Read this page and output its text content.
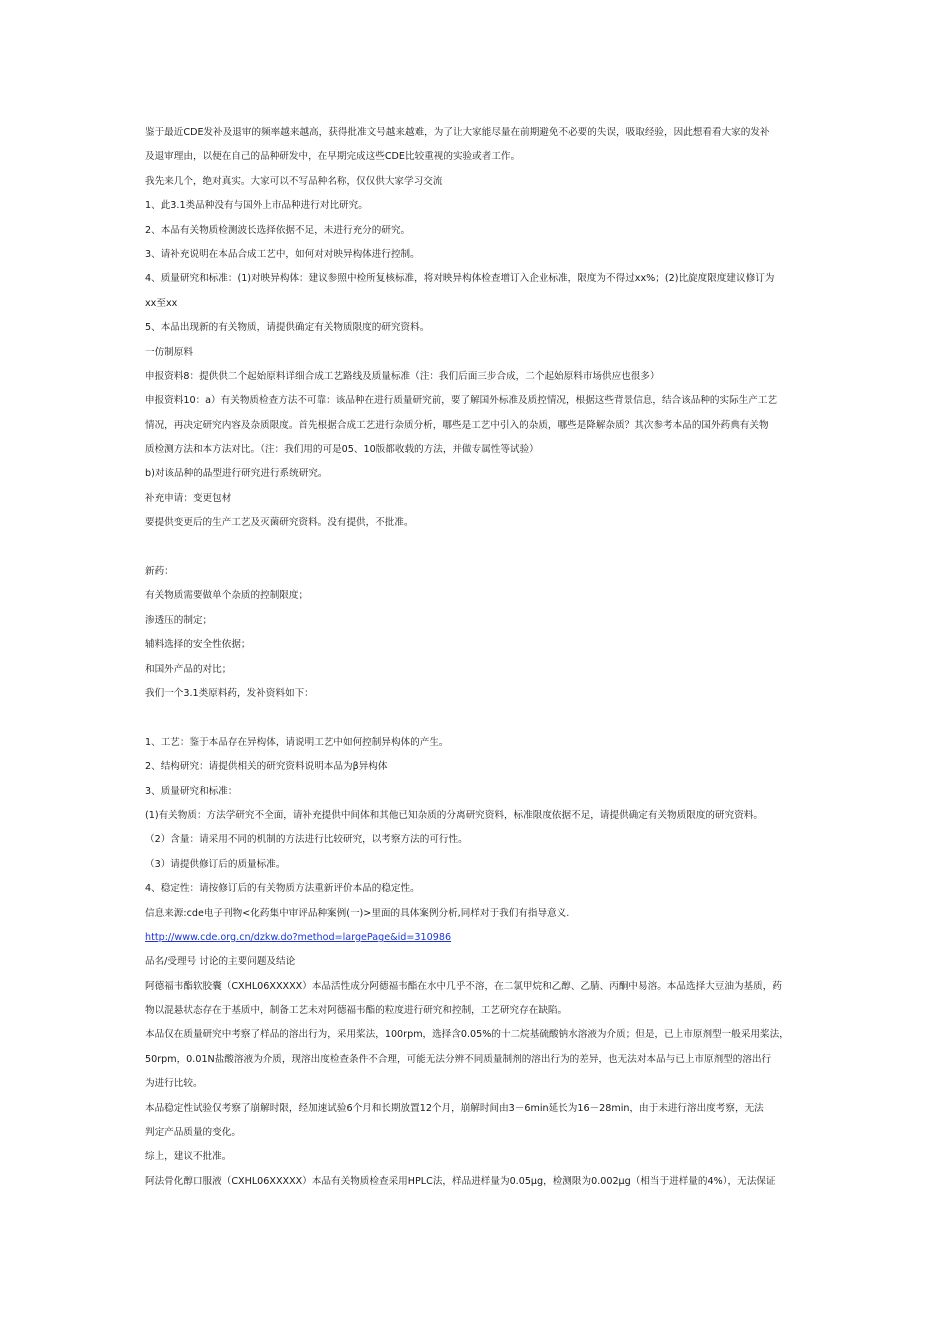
鉴于最近CDE发补及退审的频率越来越高，获得批准文号越来越难，为了让大家能尽量在前期避免不必要的失误，吸取经验，因此想看看大家的发补
及退审理由，以便在自己的品种研发中，在早期完成这些CDE比较重视的实验或者工作。
我先来几个，绝对真实。大家可以不写品种名称，仅仅供大家学习交流
1、此3.1类品种没有与国外上市品种进行对比研究。
2、本品有关物质检测波长选择依据不足，未进行充分的研究。
3、请补充说明在本品合成工艺中，如何对对映异构体进行控制。
4、质量研究和标准：(1)对映异构体：建议参照中检所复核标准，将对映异构体检查增订入企业标准，限度为不得过xx%；(2)比旋度限度建议修订为
xx至xx
5、本品出现新的有关物质，请提供确定有关物质限度的研究资料。
一仿制原料
申报资料8：提供供二个起始原料详细合成工艺路线及质量标准（注：我们后面三步合成，二个起始原料市场供应也很多）
申报资料10：a）有关物质检查方法不可靠：该品种在进行质量研究前，要了解国外标准及质控情况，根据这些背景信息，结合该品种的实际生产工艺
情况，再决定研究内容及杂质限度。首先根据合成工艺进行杂质分析，哪些是工艺中引入的杂质，哪些是降解杂质？其次参考本品的国外药典有关物
质检测方法和本方法对比。（注：我们用的可是05、10版都收载的方法，并做专属性等试验）
b)对该品种的晶型进行研究进行系统研究。
补充申请：变更包材
要提供变更后的生产工艺及灭菌研究资料。没有提供，不批准。
新药：
有关物质需要做单个杂质的控制限度；
渗透压的制定；
辅料选择的安全性依据；
和国外产品的对比；
我们一个3.1类原料药，发补资料如下：
1、工艺：鉴于本品存在异构体，请说明工艺中如何控制异构体的产生。
2、结构研究：请提供相关的研究资料说明本品为β异构体
3、质量研究和标准：
(1)有关物质：方法学研究不全面，请补充提供中间体和其他已知杂质的分离研究资料，标准限度依据不足，请提供确定有关物质限度的研究资料。
（2）含量：请采用不同的机制的方法进行比较研究，以考察方法的可行性。
（3）请提供修订后的质量标准。
4、稳定性：请按修订后的有关物质方法重新评价本品的稳定性。
信息来源:cde电子刊物<化药集中审评品种案例(一)>里面的具体案例分析,同样对于我们有指导意义.
http://www.cde.org.cn/dzkw.do?method=largePage&id=310986
品名/受理号 讨论的主要问题及结论
阿德福韦酯软胶囊（CXHL06XXXXX）本品活性成分阿德福韦酯在水中几乎不溶，在二氯甲烷和乙醇、乙腈、丙酮中易溶。本品选择大豆油为基质，药
物以混悬状态存在于基质中，制备工艺未对阿德福韦酯的粒度进行研究和控制，工艺研究存在缺陷。
本品仅在质量研究中考察了样品的溶出行为，采用桨法，100rpm，选择含0.05%的十二烷基硫酸钠水溶液为介质；但是，已上市原剂型一般采用桨法，
50rpm，0.01N盐酸溶液为介质，现溶出度检查条件不合理，可能无法分辨不同质量制剂的溶出行为的差异，也无法对本品与已上市原剂型的溶出行
为进行比较。
本品稳定性试验仅考察了崩解时限，经加速试验6个月和长期放置12个月，崩解时间由3－6min延长为16－28min，由于未进行溶出度考察，无法
判定产品质量的变化。
综上，建议不批准。
阿法骨化醇口服液（CXHL06XXXXX）本品有关物质检查采用HPLC法，样品进样量为0.05μg，检测限为0.002μg（相当于进样量的4%），无法保证
